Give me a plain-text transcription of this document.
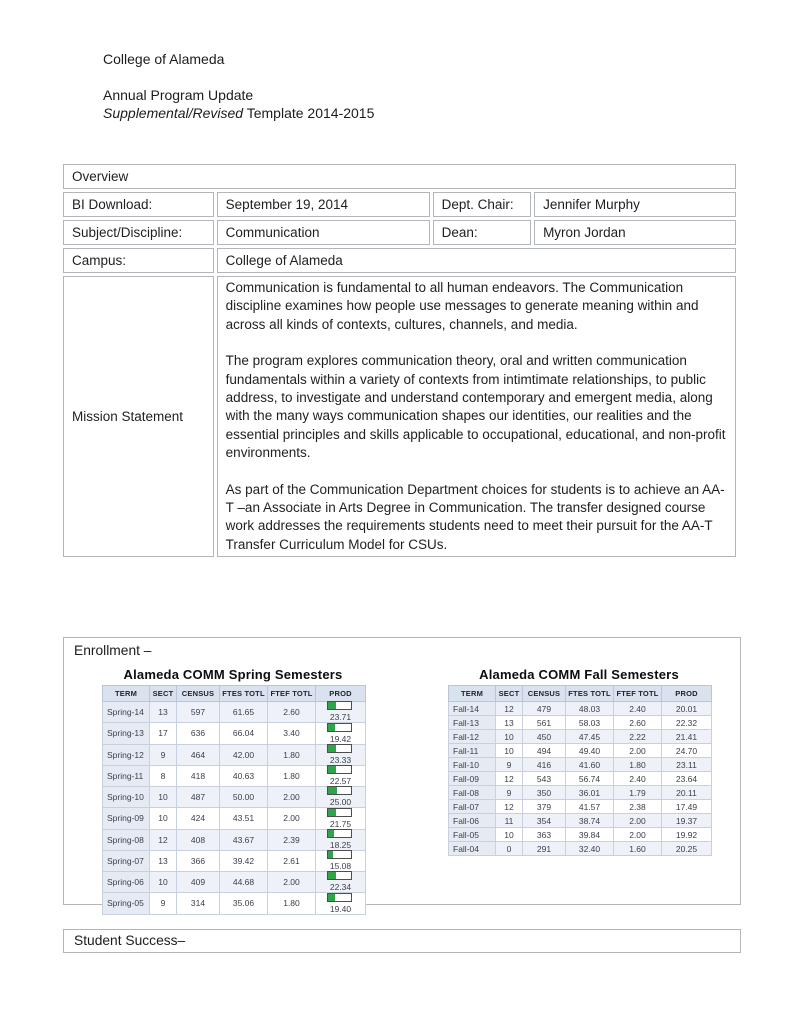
College of Alameda
Annual Program Update
Supplemental/Revised Template 2014-2015
Overview			
BI Download:	September 19, 2014	Dept. Chair:	Jennifer Murphy
Subject/Discipline:	Communication	Dean:	Myron Jordan
Campus:	College of Alameda		
Mission Statement	Communication is fundamental to all human endeavors. The Communication discipline examines how people use messages to generate meaning within and across all kinds of contexts, cultures, channels, and media.

The program explores communication theory, oral and written communication fundamentals within a variety of contexts from intimtimate relationships, to public address, to investigate and understand contemporary and emergent media, along with the many ways communication shapes our identities, our realities and the essential principles and skills applicable to occupational, educational, and non-profit environments.

As part of the Communication Department choices for students is to achieve an AA-T –an Associate in Arts Degree in Communication. The transfer designed course work addresses the requirements students need to meet their pursuit for the AA-T Transfer Curriculum Model for CSUs.		

Enrollment –
Alameda COMM Spring Semesters
TERM	SECT	CENSUS	FTES TOTL	FTEF TOTL	PROD
Spring-14	13	597	61.65	2.60	23.71
Spring-13	17	636	66.04	3.40	19.42
Spring-12	9	464	42.00	1.80	23.33
Spring-11	8	418	40.63	1.80	22.57
Spring-10	10	487	50.00	2.00	25.00
Spring-09	10	424	43.51	2.00	21.75
Spring-08	12	408	43.67	2.39	18.25
Spring-07	13	366	39.42	2.61	15.08
Spring-06	10	409	44.68	2.00	22.34
Spring-05	9	314	35.06	1.80	19.40
Alameda COMM Fall Semesters
TERM	SECT	CENSUS	FTES TOTL	FTEF TOTL	PROD
Fall-14	12	479	48.03	2.40	20.01
Fall-13	13	561	58.03	2.60	22.32
Fall-12	10	450	47.45	2.22	21.41
Fall-11	10	494	49.40	2.00	24.70
Fall-10	9	416	41.60	1.80	23.11
Fall-09	12	543	56.74	2.40	23.64
Fall-08	9	350	36.01	1.79	20.11
Fall-07	12	379	41.57	2.38	17.49
Fall-06	11	354	38.74	2.00	19.37
Fall-05	10	363	39.84	2.00	19.92
Fall-04	0	291	32.40	1.60	20.25
Student Success–
